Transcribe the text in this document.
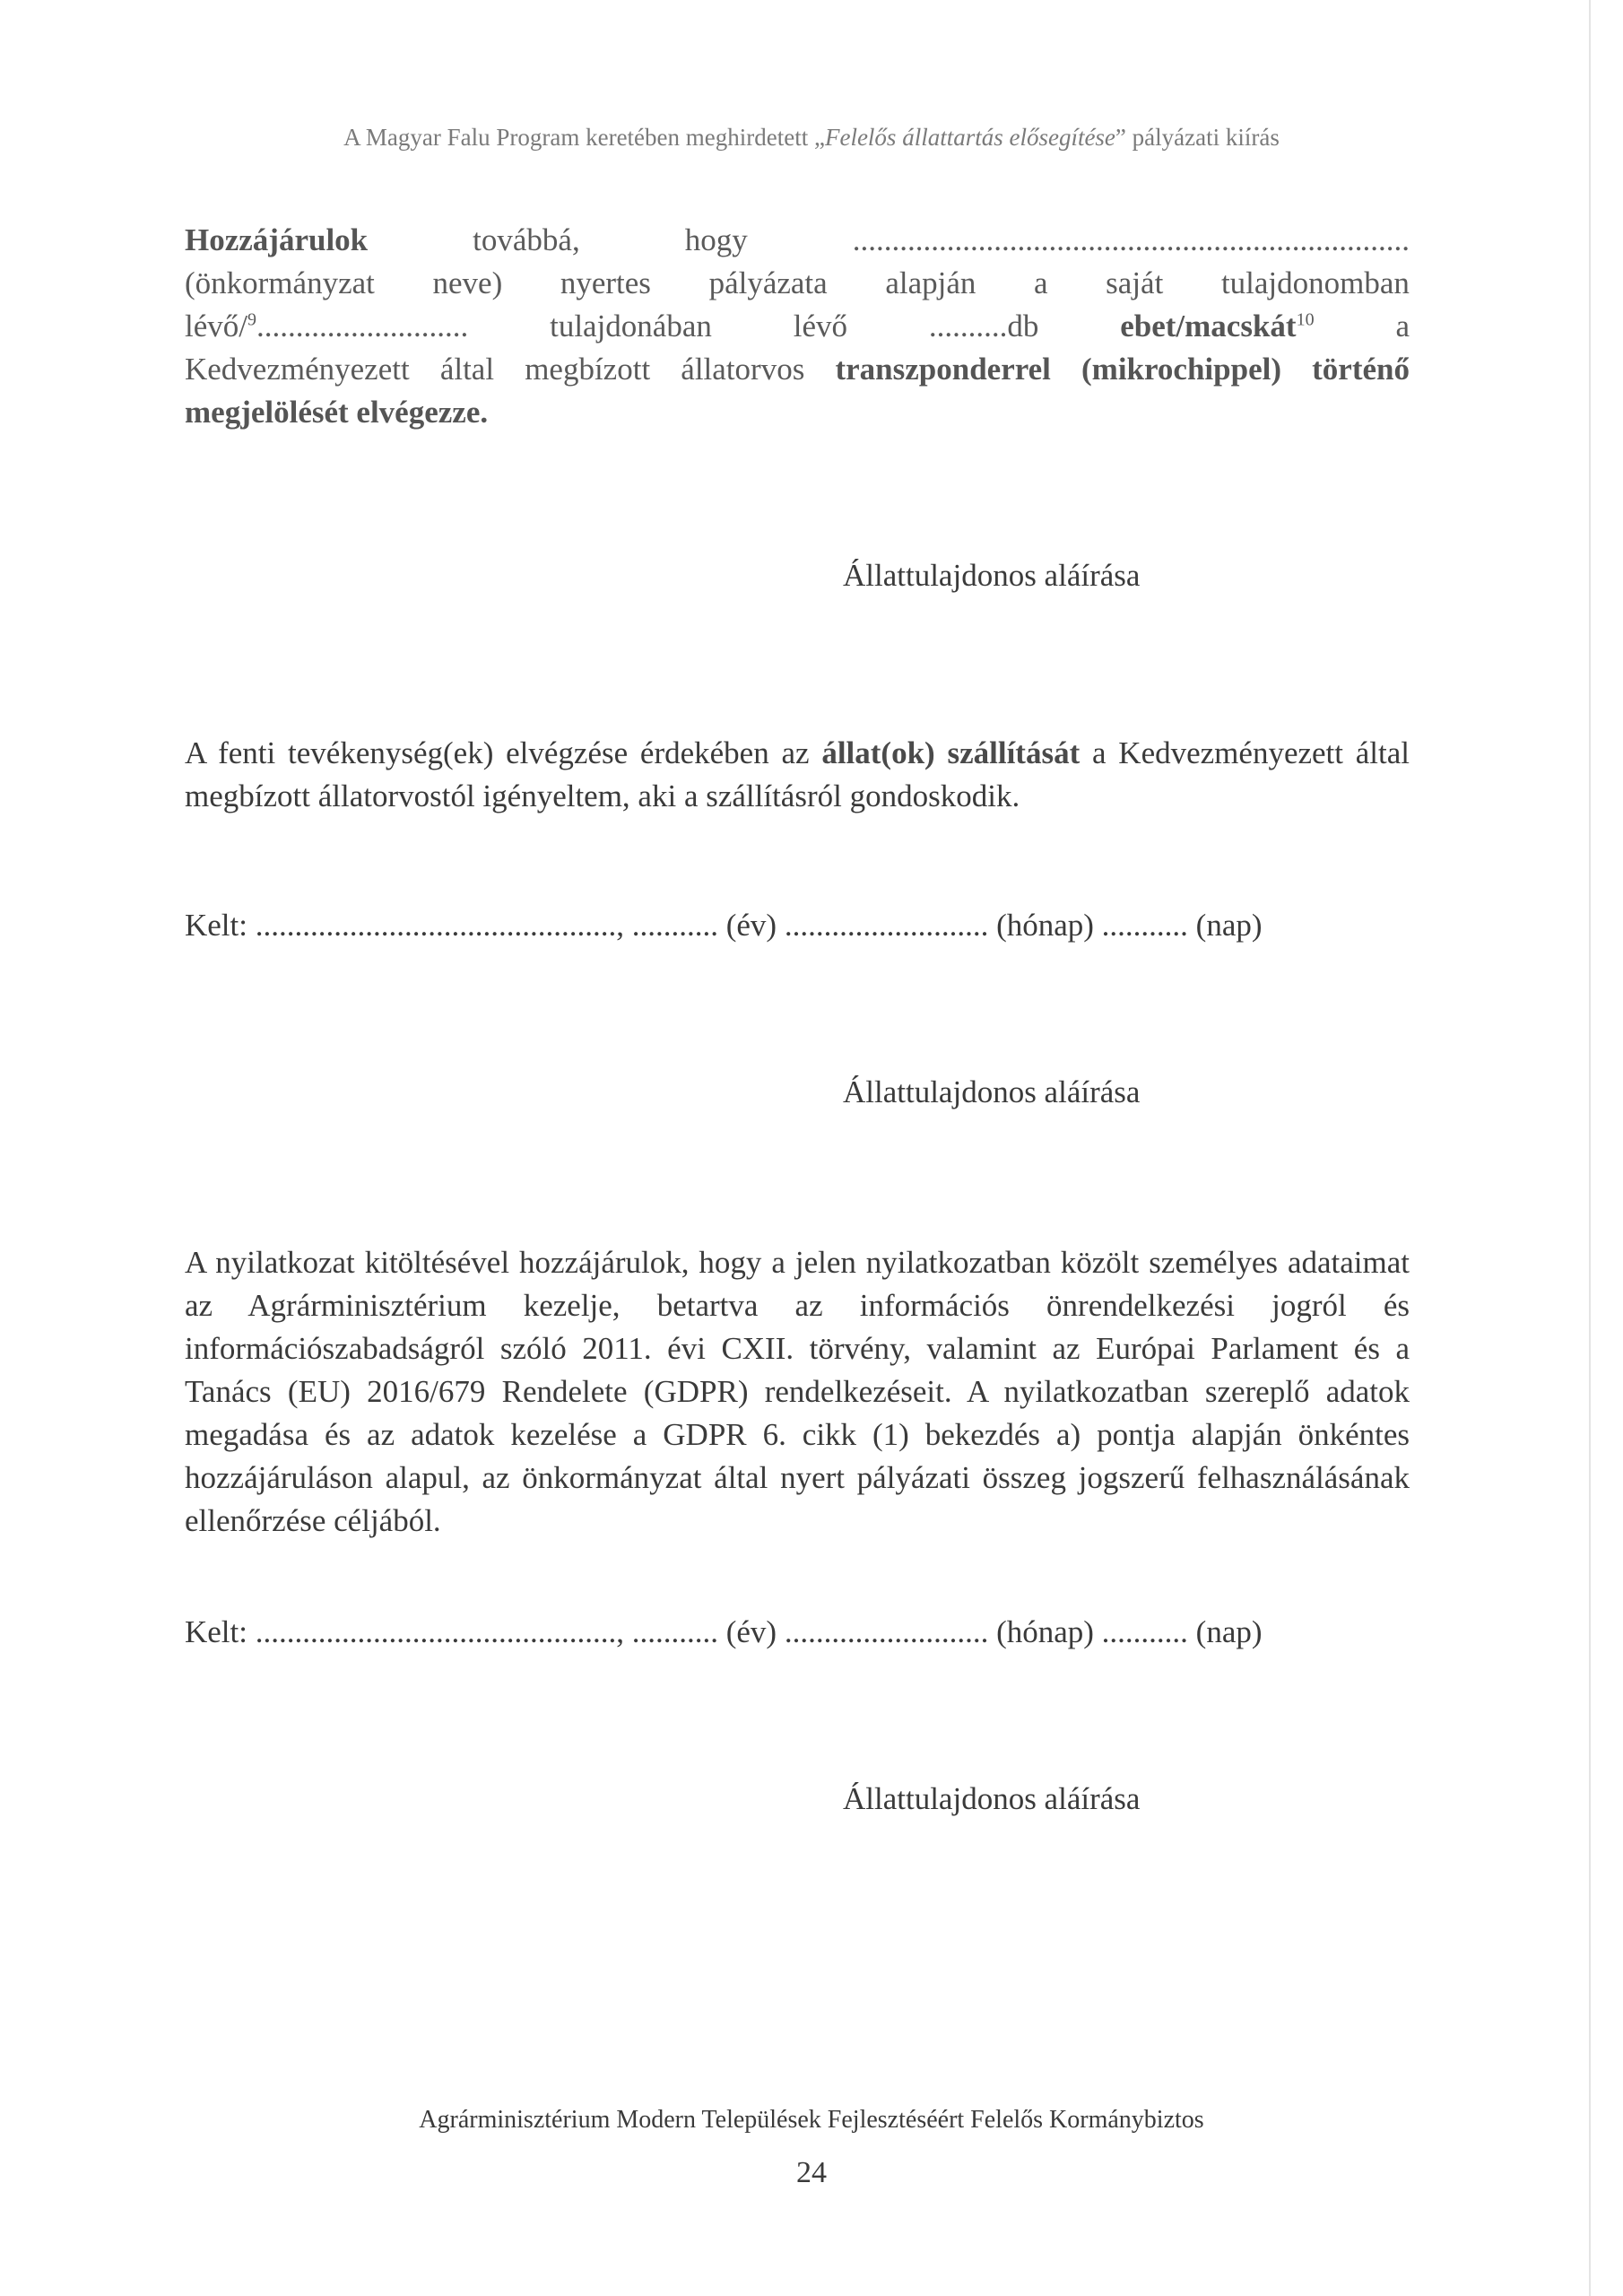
A Magyar Falu Program keretében meghirdetett „Felelős állattartás elősegítése” pályázati kiírás
Hozzájárulok	továbbá,	hogy	.......................................................................
(önkormányzat neve) nyertes pályázata alapján a saját tulajdonomban
lévő/$^9$...........................	tulajdonában	lévő	..........db	ebet/macskát$^{10}$	a
Kedvezményezett által megbízott állatorvos transzponderrel (mikrochippel) történő
megjelölését elvégezze.
Állattulajdonos aláírása
A fenti tevékenység(ek) elvégzése érdekében az állat(ok) szállítását a Kedvezményezett által megbízott állatorvostól igényeltem, aki a szállításról gondoskodik.
Kelt: .............................................., ........... (év) .......................... (hónap) ........... (nap)
Állattulajdonos aláírása
A nyilatkozat kitöltésével hozzájárulok, hogy a jelen nyilatkozatban közölt személyes adataimat az Agrárminisztérium kezelje, betartva az információs önrendelkezési jogról és információszabadságról szóló 2011. évi CXII. törvény, valamint az Európai Parlament és a Tanács (EU) 2016/679 Rendelete (GDPR) rendelkezéseit. A nyilatkozatban szereplő adatok megadása és az adatok kezelése a GDPR 6. cikk (1) bekezdés a) pontja alapján önkéntes hozzájáruláson alapul, az önkormányzat által nyert pályázati összeg jogszerű felhasználásának ellenőrzése céljából.
Kelt: .............................................., ........... (év) .......................... (hónap) ........... (nap)
Állattulajdonos aláírása
Agrárminisztérium Modern Települések Fejlesztéséért Felelős Kormánybiztos
24
